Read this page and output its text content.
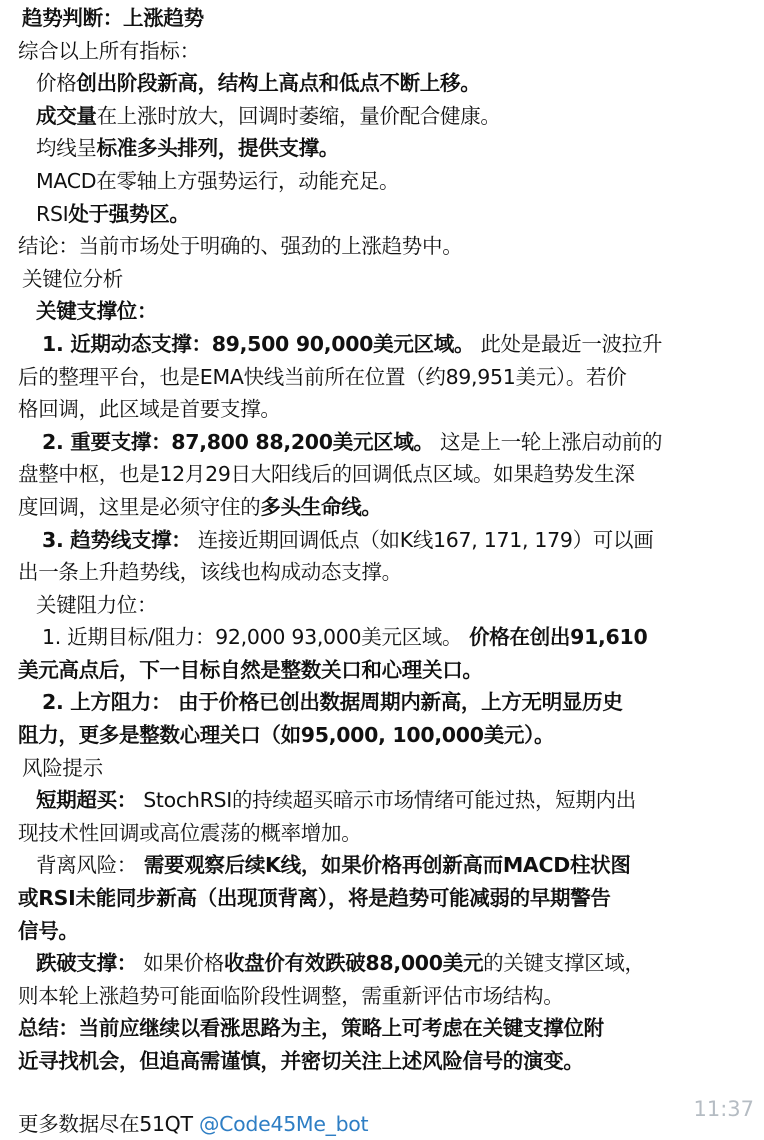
趋势判断：上涨趋势
综合以上所有指标：
价格创出阶段新高，结构上高点和低点不断上移。
成交量在上涨时放大，回调时萎缩，量价配合健康。
均线呈标准多头排列，提供支撑。
MACD在零轴上方强势运行，动能充足。
RSI处于强势区。
结论：当前市场处于明确的、强劲的上涨趋势中。
关键位分析
关键支撑位：
1. 近期动态支撑：89,500 90,000美元区域。 此处是最近一波拉升
后的整理平台，也是EMA快线当前所在位置（约89,951美元）。若价
格回调，此区域是首要支撑。
2. 重要支撑：87,800 88,200美元区域。 这是上一轮上涨启动前的
盘整中枢，也是12月29日大阳线后的回调低点区域。如果趋势发生深
度回调，这里是必须守住的多头生命线。
3. 趋势线支撑： 连接近期回调低点（如K线167, 171, 179）可以画
出一条上升趋势线，该线也构成动态支撑。
关键阻力位：
1. 近期目标/阻力：92,000 93,000美元区域。 价格在创出91,610
美元高点后，下一目标自然是整数关口和心理关口。
2. 上方阻力： 由于价格已创出数据周期内新高，上方无明显历史
阻力，更多是整数心理关口（如95,000, 100,000美元）。
风险提示
短期超买： StochRSI的持续超买暗示市场情绪可能过热，短期内出
现技术性回调或高位震荡的概率增加。
背离风险： 需要观察后续K线，如果价格再创新高而MACD柱状图
或RSI未能同步新高（出现顶背离），将是趋势可能减弱的早期警告
信号。
跌破支撑： 如果价格收盘价有效跌破88,000美元的关键支撑区域，
则本轮上涨趋势可能面临阶段性调整，需重新评估市场结构。
总结：当前应继续以看涨思路为主，策略上可考虑在关键支撑位附
近寻找机会，但追高需谨慎，并密切关注上述风险信号的演变。
更多数据尽在51QT @Code45Me_bot
11:37
